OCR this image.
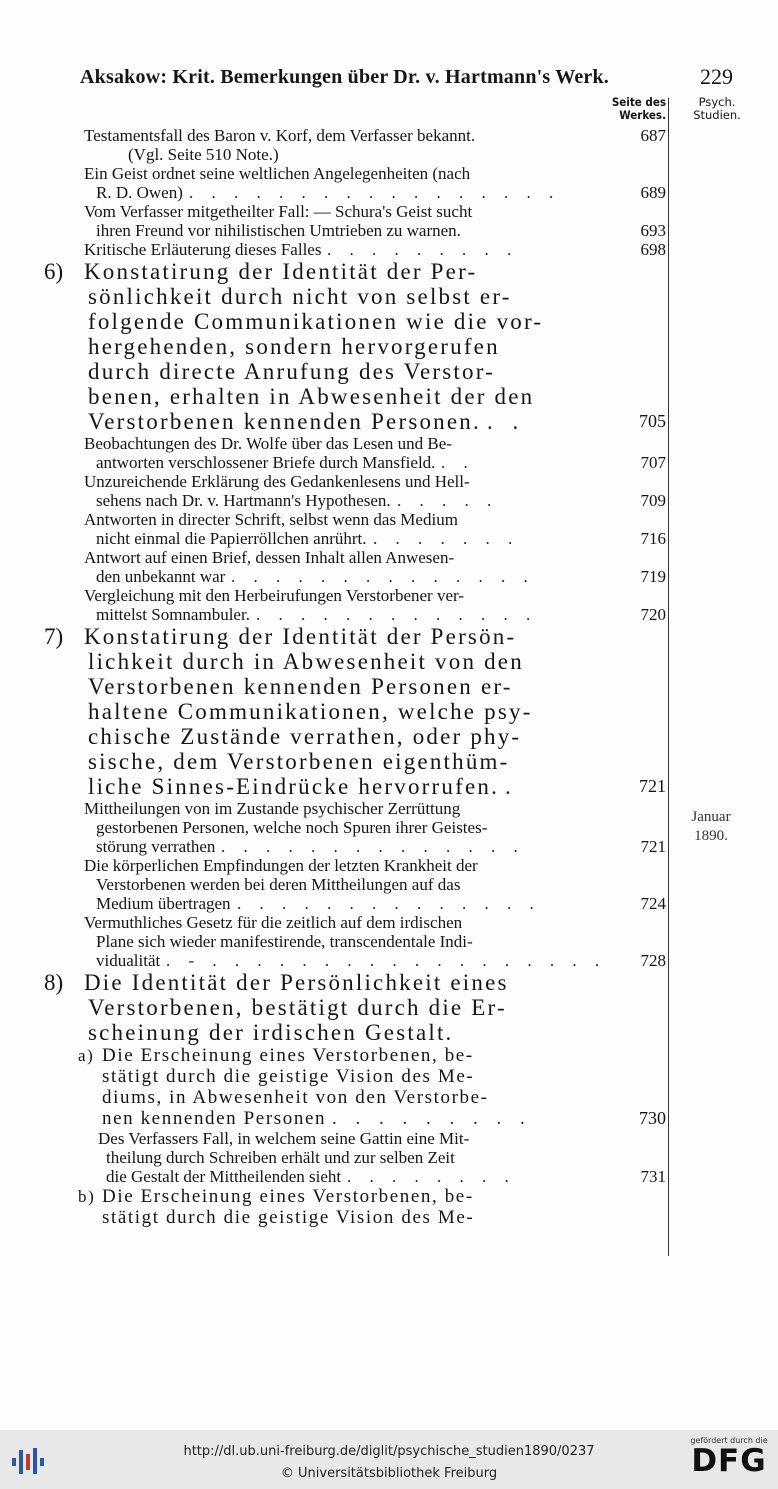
Aksakow: Krit. Bemerkungen über Dr. v. Hartmann's Werk.	229
Seite des
Werkes.
Psych.
Studien.
Testamentsfall des Baron v. Korf, dem Verfasser bekannt.	687
(Vgl. Seite 510 Note.)
Ein Geist ordnet seine weltlichen Angelegenheiten (nach
R. D. Owen) . . . . . . . . . . . . . . . . .	689
Vom Verfasser mitgetheilter Fall: — Schura's Geist sucht
ihren Freund vor nihilistischen Umtrieben zu warnen.	693
Kritische Erläuterung dieses Falles . . . . . . . . .	698
6) Konstatirung der Identität der Per-
sönlichkeit durch nicht von selbst er-
folgende Communikationen wie die vor-
hergehenden, sondern hervorgerufen
durch directe Anrufung des Verstor-
benen, erhalten in Abwesenheit der den
Verstorbenen kennenden Personen. . .	705
Beobachtungen des Dr. Wolfe über das Lesen und Be-
antworten verschlossener Briefe durch Mansfield. . .	707
Unzureichende Erklärung des Gedankenlesens und Hell-
sehens nach Dr. v. Hartmann's Hypothesen. . . . . .	709
Antworten in directer Schrift, selbst wenn das Medium
nicht einmal die Papierröllchen anrührt. . . . . . . .	716
Antwort auf einen Brief, dessen Inhalt allen Anwesen-
den unbekannt war . . . . . . . . . . . . . .	719
Vergleichung mit den Herbeirufungen Verstorbener ver-
mittelst Somnambuler. . . . . . . . . . . . . .	720
7) Konstatirung der Identität der Persön-
lichkeit durch in Abwesenheit von den
Verstorbenen kennenden Personen er-
haltene Communikationen, welche psy-
chische Zustände verrathen, oder phy-
sische, dem Verstorbenen eigenthüm-
liche Sinnes-Eindrücke hervorrufen. .	721
Mittheilungen von im Zustande psychischer Zerrüttung
gestorbenen Personen, welche noch Spuren ihrer Geistes-
störung verrathen . . . . . . . . . . . . . .	721
Die körperlichen Empfindungen der letzten Krankheit der
Verstorbenen werden bei deren Mittheilungen auf das
Medium übertragen . . . . . . . . . . . . . .	724
Vermuthliches Gesetz für die zeitlich auf dem irdischen
Plane sich wieder manifestirende, transcendentale Indi-
vidualität . - . . . . . . . . . . . . . . . . . . 728
8) Die Identität der Persönlichkeit eines
Verstorbenen, bestätigt durch die Er-
scheinung der irdischen Gestalt.
a) Die Erscheinung eines Verstorbenen, be-
stätigt durch die geistige Vision des Me-
diums, in Abwesenheit von den Verstorbe-
nen kennenden Personen . . . . . . . . .	730
Des Verfassers Fall, in welchem seine Gattin eine Mit-
theilung durch Schreiben erhält und zur selben Zeit
die Gestalt der Mittheilenden sieht . . . . . . . .	731
b) Die Erscheinung eines Verstorbenen, be-
stätigt durch die geistige Vision des Me-
Januar
1890.
http://dl.ub.uni-freiburg.de/diglit/psychische_studien1890/0237
© Universitätsbibliothek Freiburg
gefördert durch die
DFG
